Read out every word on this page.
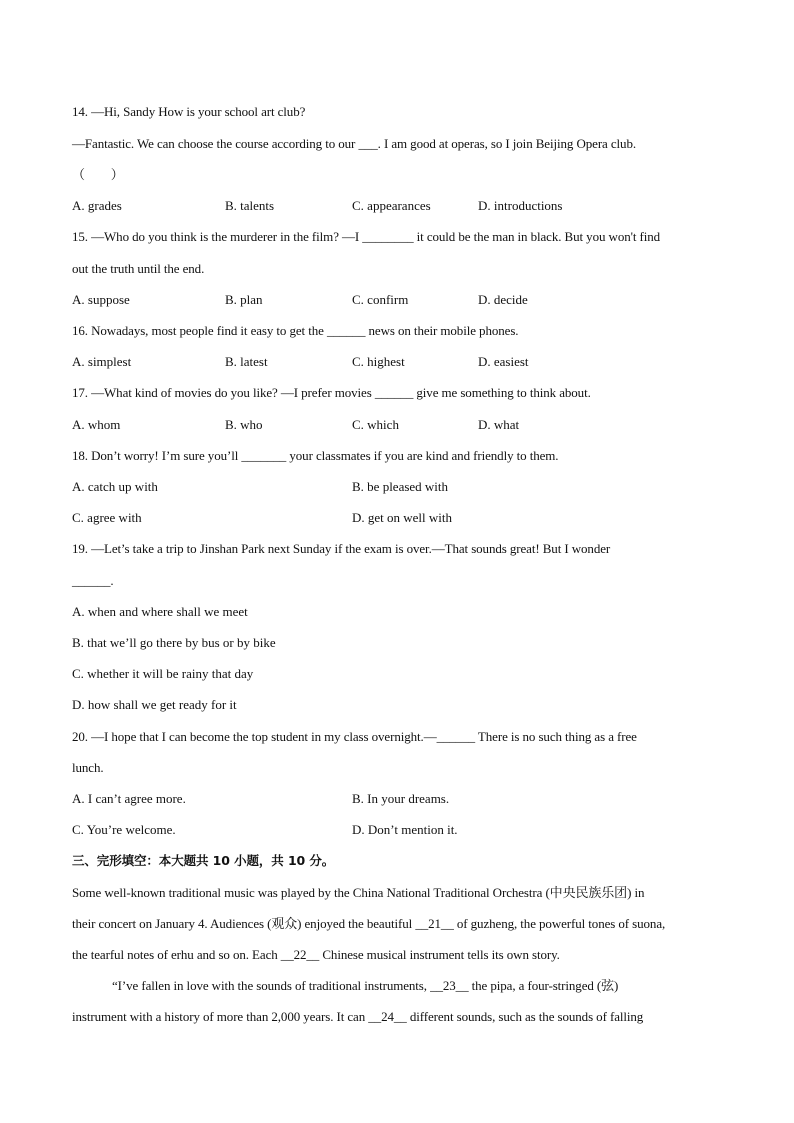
14. —Hi, Sandy How is your school art club?
—Fantastic. We can choose the course according to our ___. I am good at operas, so I join Beijing Opera club.
（　　）
A. grades	B. talents	C. appearances	D. introductions
15. —Who do you think is the murderer in the film? —I ________ it could be the man in black. But you won't find
out the truth until the end.
A. suppose	B. plan	C. confirm	D. decide
16. Nowadays, most people find it easy to get the ______ news on their mobile phones.
A. simplest	B. latest	C. highest	D. easiest
17. —What kind of movies do you like? —I prefer movies ______ give me something to think about.
A. whom	B. who	C. which	D. what
18. Don’t worry! I’m sure you’ll _______ your classmates if you are kind and friendly to them.
A. catch up with	B. be pleased with
C. agree with	D. get on well with
19. —Let’s take a trip to Jinshan Park next Sunday if the exam is over.—That sounds great! But I wonder
______.
A. when and where shall we meet
B. that we’ll go there by bus or by bike
C. whether it will be rainy that day
D. how shall we get ready for it
20. —I hope that I can become the top student in my class overnight.—______ There is no such thing as a free
lunch.
A. I can’t agree more.	B. In your dreams.
C. You’re welcome.	D. Don’t mention it.
三、完形填空：本大题共 10 小题，共 10 分。
Some well-known traditional music was played by the China National Traditional Orchestra (中央民族乐团) in
their concert on January 4. Audiences (观众) enjoyed the beautiful __21__ of guzheng, the powerful tones of suona,
the tearful notes of erhu and so on. Each __22__ Chinese musical instrument tells its own story.
“I’ve fallen in love with the sounds of traditional instruments, __23__ the pipa, a four-stringed (弦)
instrument with a history of more than 2,000 years. It can __24__ different sounds, such as the sounds of falling
